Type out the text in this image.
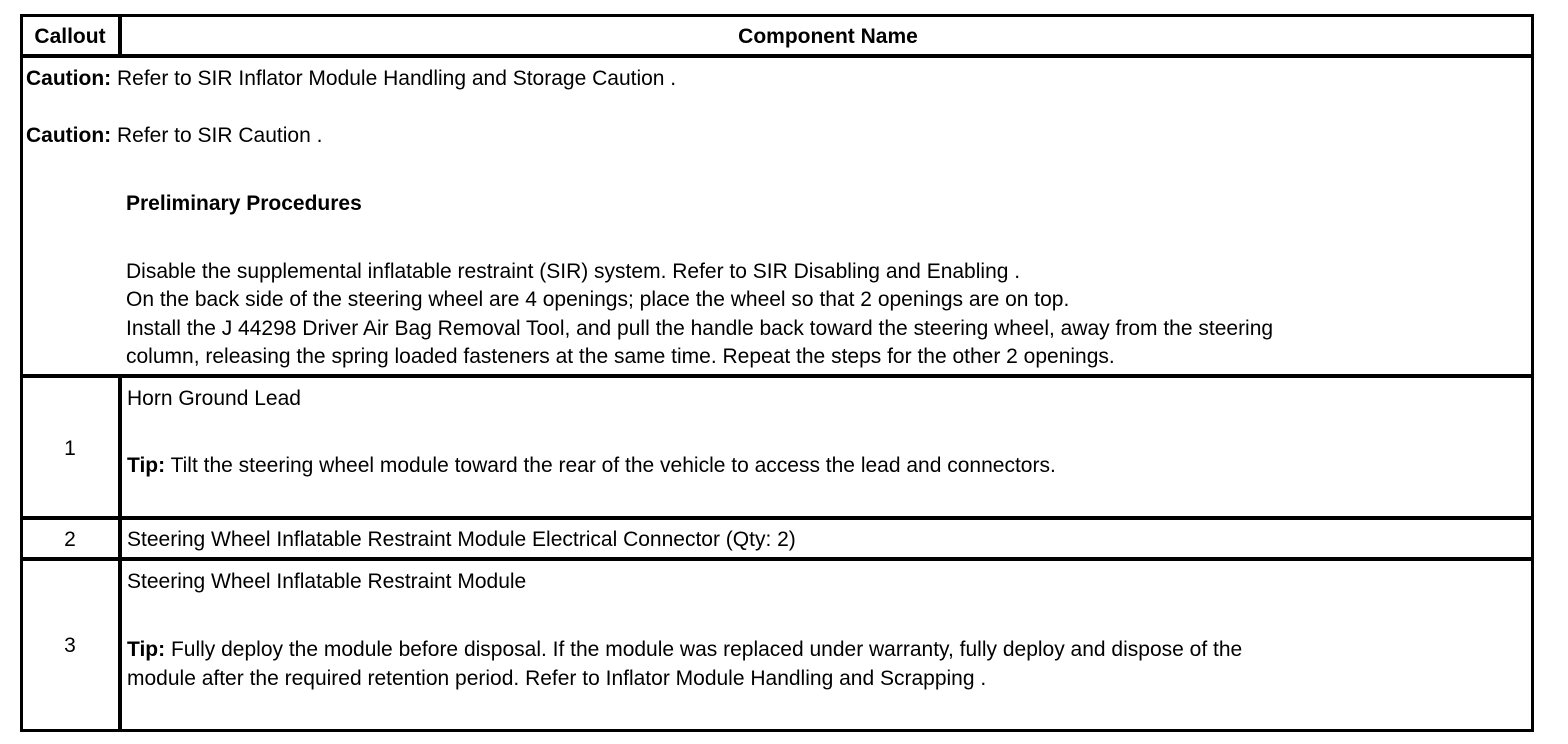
Callout	Component Name
Caution: Refer to SIR Inflator Module Handling and Storage Caution .
Caution: Refer to SIR Caution .
Preliminary Procedures
Disable the supplemental inflatable restraint (SIR) system. Refer to SIR Disabling and Enabling .
On the back side of the steering wheel are 4 openings; place the wheel so that 2 openings are on top.
Install the J 44298 Driver Air Bag Removal Tool, and pull the handle back toward the steering wheel, away from the steering
column, releasing the spring loaded fasteners at the same time. Repeat the steps for the other 2 openings.
1
Horn Ground Lead
Tip: Tilt the steering wheel module toward the rear of the vehicle to access the lead and connectors.
2	Steering Wheel Inflatable Restraint Module Electrical Connector (Qty: 2)
3
Steering Wheel Inflatable Restraint Module
Tip: Fully deploy the module before disposal. If the module was replaced under warranty, fully deploy and dispose of the
module after the required retention period. Refer to Inflator Module Handling and Scrapping .
